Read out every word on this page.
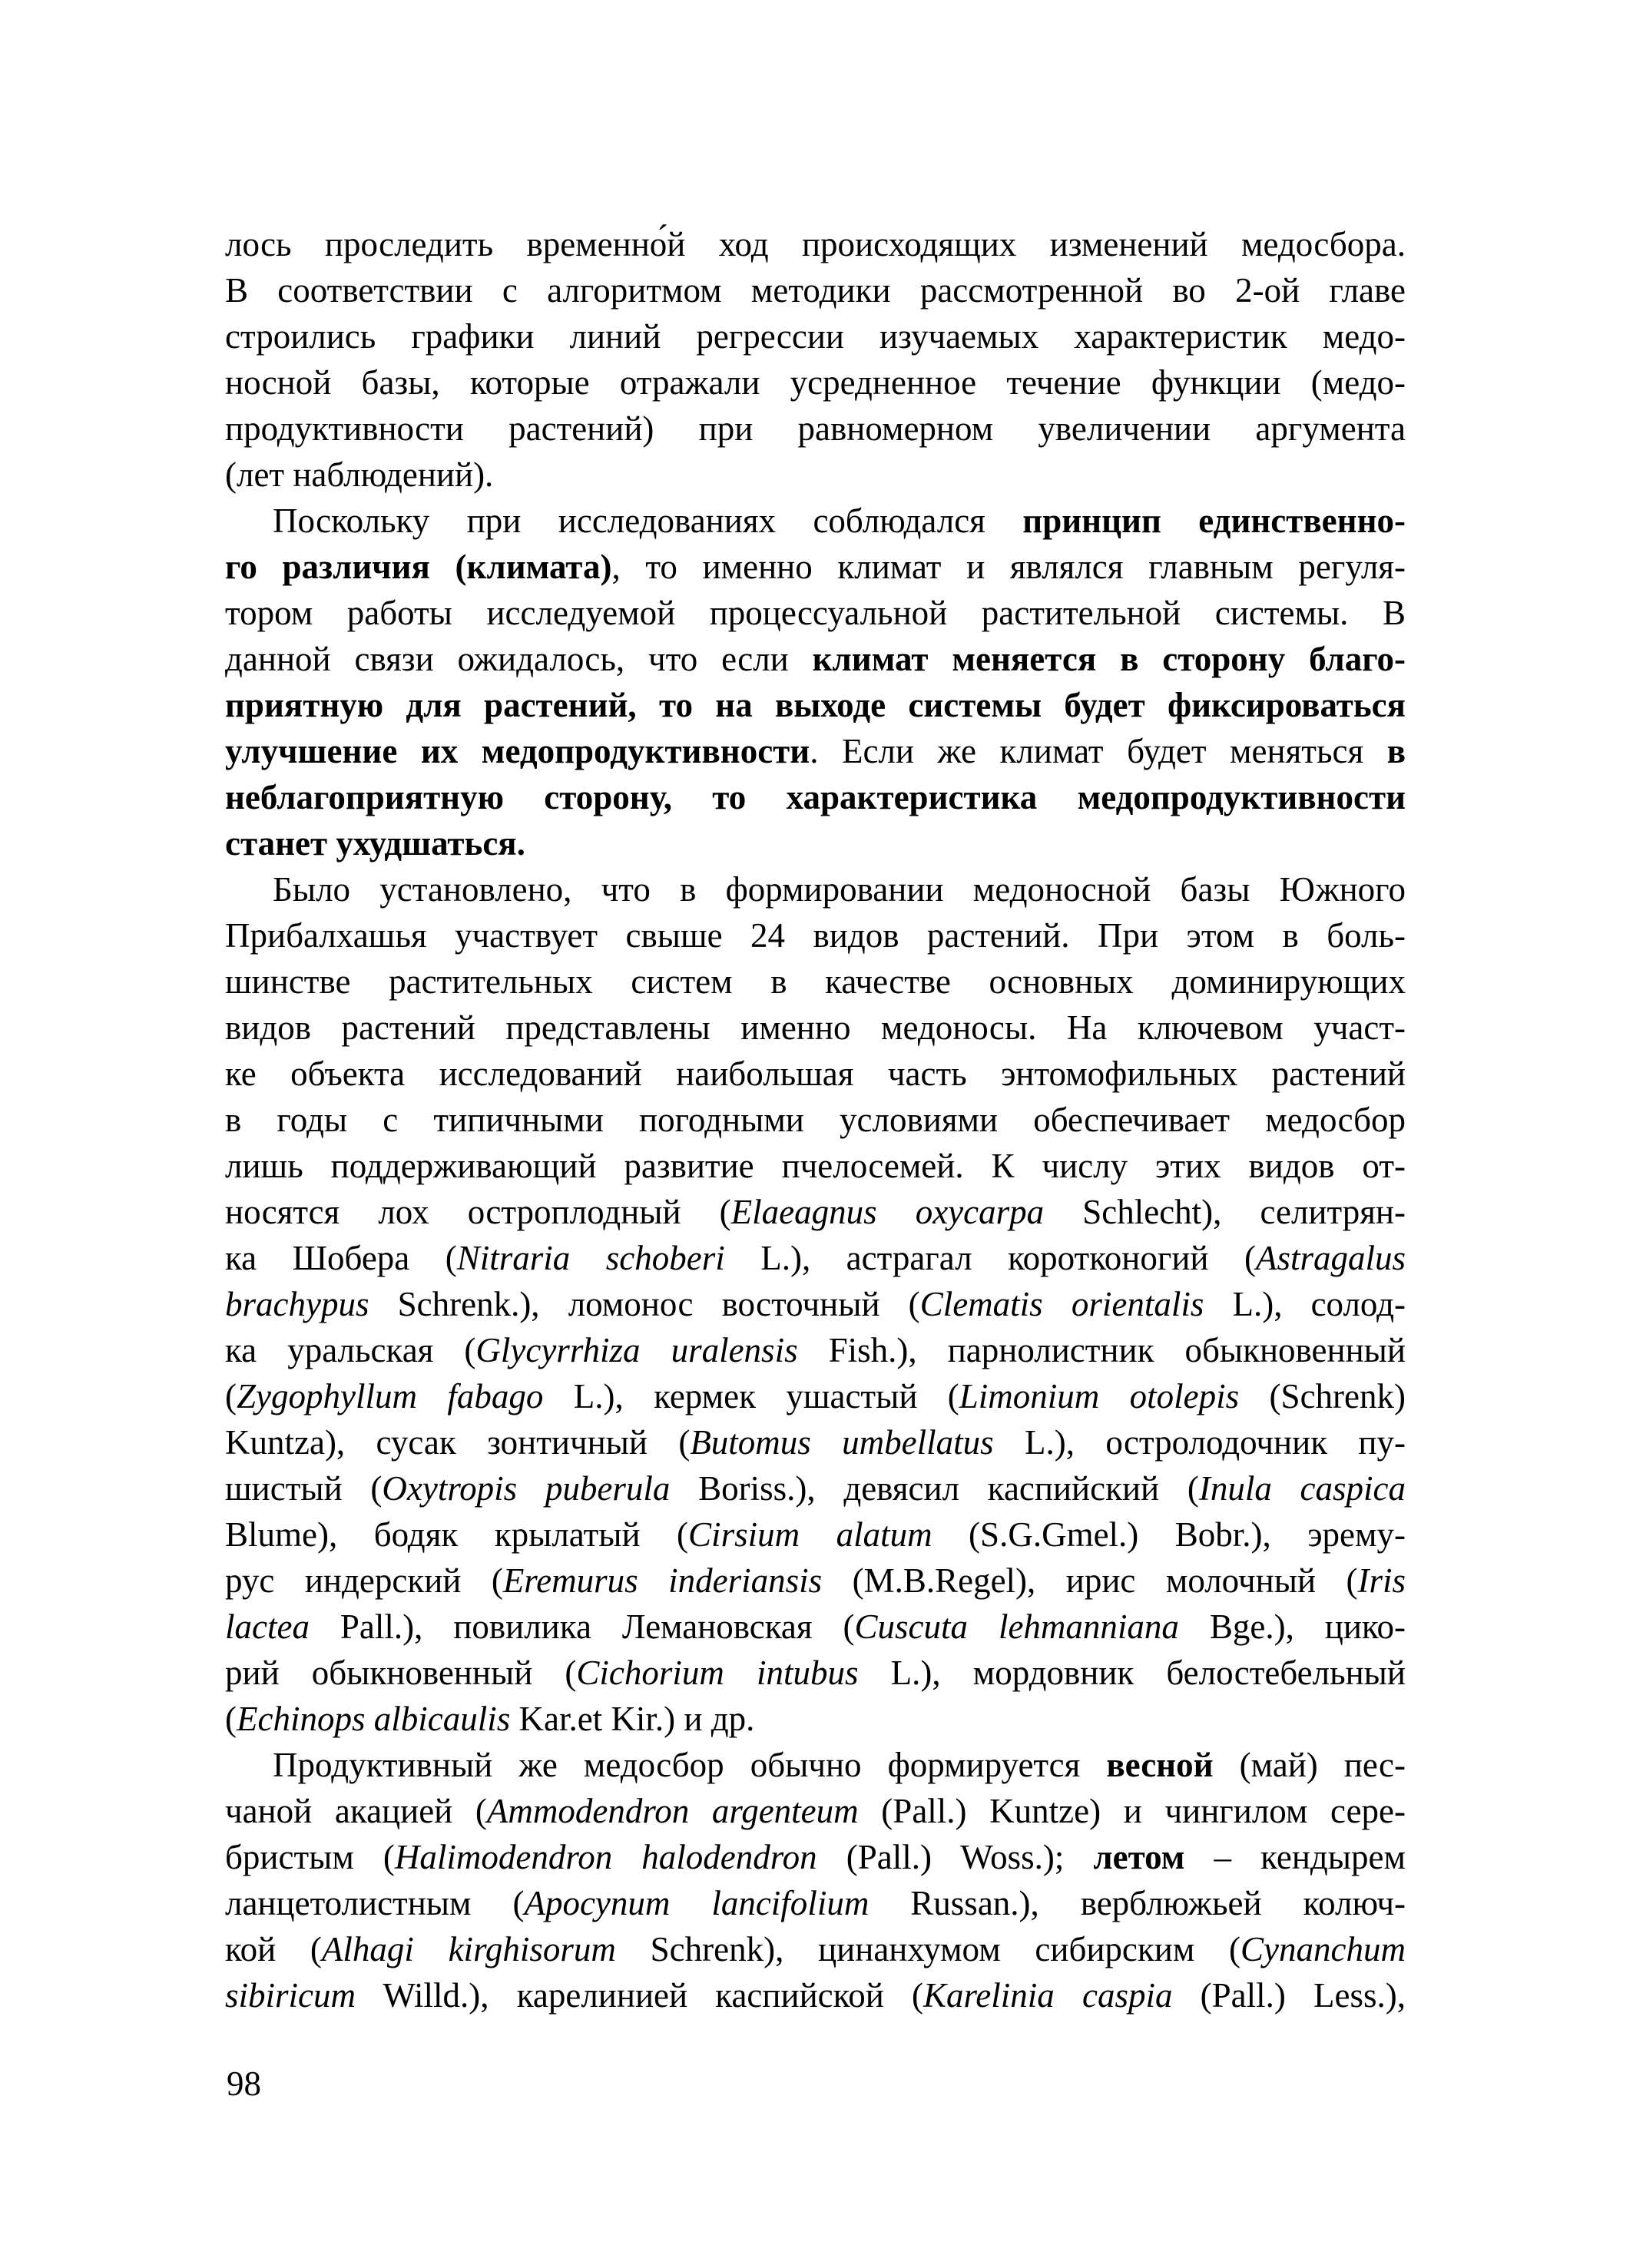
лось проследить временно́й ход происходящих изменений медосбора.
В соответствии с алгоритмом методики рассмотренной во 2-ой главе
строились графики линий регрессии изучаемых характеристик медо-
носной базы, которые отражали усредненное течение функции (медо-
продуктивности растений) при равномерном увеличении аргумента
(лет наблюдений).
Поскольку при исследованиях соблюдался принцип единственно-
го различия (климата), то именно климат и являлся главным регуля-
тором работы исследуемой процессуальной растительной системы. В
данной связи ожидалось, что если климат меняется в сторону благо-
приятную для растений, то на выходе системы будет фиксироваться
улучшение их медопродуктивности. Если же климат будет меняться в
неблагоприятную сторону, то характеристика медопродуктивности
станет ухудшаться.
Было установлено, что в формировании медоносной базы Южного
Прибалхашья участвует свыше 24 видов растений. При этом в боль-
шинстве растительных систем в качестве основных доминирующих
видов растений представлены именно медоносы. На ключевом участ-
ке объекта исследований наибольшая часть энтомофильных растений
в годы с типичными погодными условиями обеспечивает медосбор
лишь поддерживающий развитие пчелосемей. К числу этих видов от-
носятся лох остроплодный (Elaeagnus oxycarpa Schlecht), селитрян-
ка Шобера (Nitraria schoberi L.), астрагал коротконогий (Astragalus
brachypus Schrenk.), ломонос восточный (Clematis orientalis L.), солод-
ка уральская (Glycyrrhiza uralensis Fish.), парнолистник обыкновенный
(Zygophyllum fabago L.), кермек ушастый (Limonium otolepis (Schrenk)
Kuntza), сусак зонтичный (Butomus umbellatus L.), остролодочник пу-
шистый (Oxytropis puberula Boriss.), девясил каспийский (Inula caspica
Blume), бодяк крылатый (Cirsium alatum (S.G.Gmel.) Bobr.), эрему-
рус индерский (Eremurus inderiansis (M.B.Regel), ирис молочный (Iris
lactea Pall.), повилика Лемановская (Cuscuta lehmanniana Bge.), цико-
рий обыкновенный (Cichorium intubus L.), мордовник белостебельный
(Echinops albicaulis Kar.et Kir.) и др.
Продуктивный же медосбор обычно формируется весной (май) пес-
чаной акацией (Ammodendron argenteum (Pall.) Kuntze) и чингилом сере-
бристым (Halimodendron halodendron (Pall.) Woss.); летом – кендырем
ланцетолистным (Apocynum lancifolium Russan.), верблюжьей колюч-
кой (Alhagi kirghisorum Schrenk), цинанхумом сибирским (Cynanchum
sibiricum Willd.), карелинией каспийской (Karelinia caspia (Pall.) Less.),
98
